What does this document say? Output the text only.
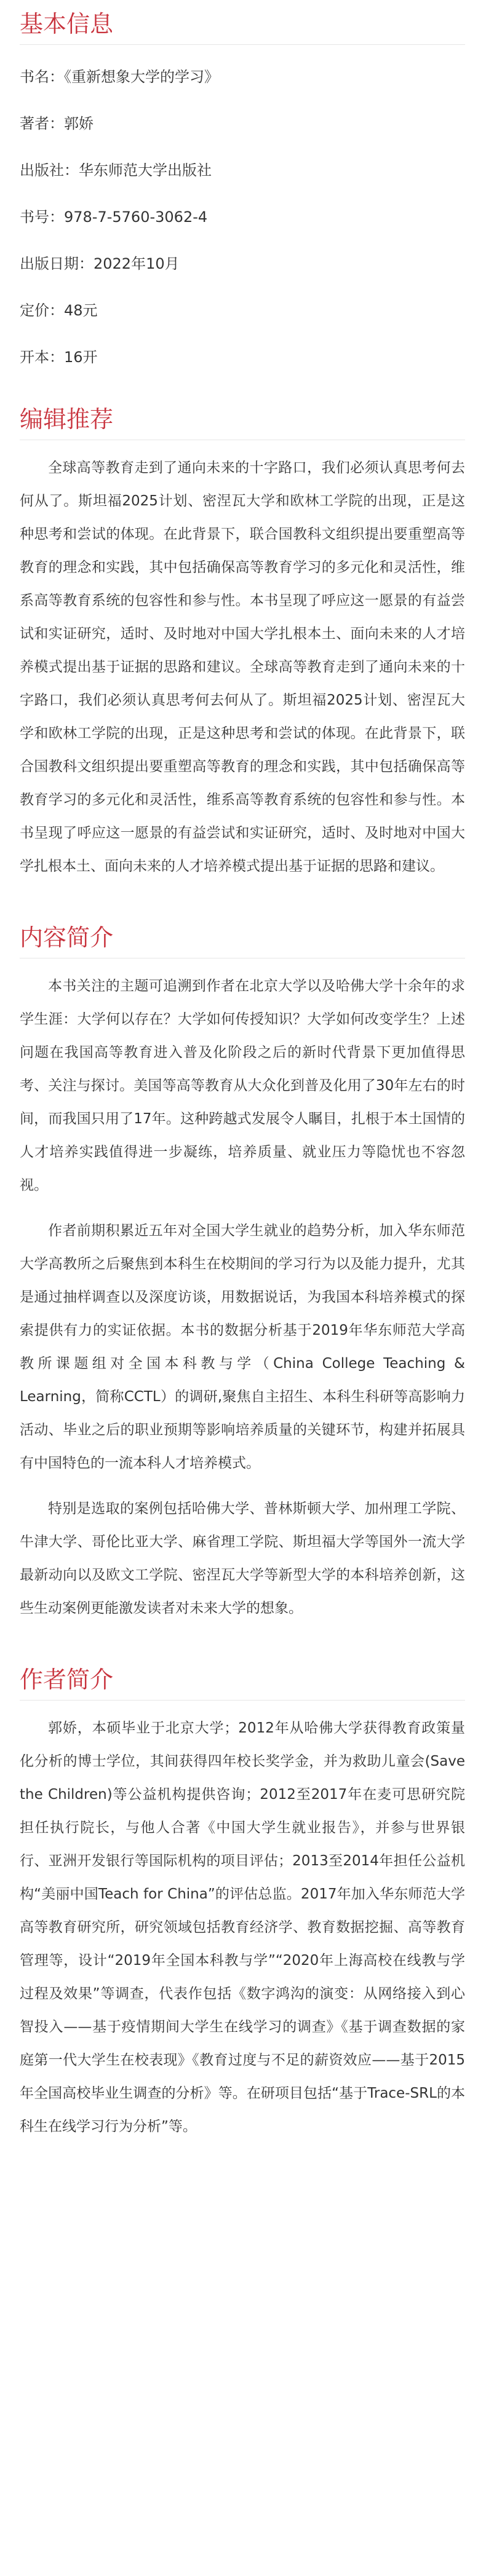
基本信息
书名：《重新想象大学的学习》
著者：郭娇
出版社：华东师范大学出版社
书号：978-7-5760-3062-4
出版日期：2022年10月
定价：48元
开本：16开
编辑推荐

全球高等教育走到了通向未来的十字路口，我们必须认真思考何去何从了。斯坦福2025计划、密涅瓦大学和欧林工学院的出现，正是这种思考和尝试的体现。在此背景下，联合国教科文组织提出要重塑高等教育的理念和实践，其中包括确保高等教育学习的多元化和灵活性，维系高等教育系统的包容性和参与性。本书呈现了呼应这一愿景的有益尝试和实证研究，适时、及时地对中国大学扎根本土、面向未来的人才培养模式提出基于证据的思路和建议。全球高等教育走到了通向未来的十字路口，我们必须认真思考何去何从了。斯坦福2025计划、密涅瓦大学和欧林工学院的出现，正是这种思考和尝试的体现。在此背景下，联合国教科文组织提出要重塑高等教育的理念和实践，其中包括确保高等教育学习的多元化和灵活性，维系高等教育系统的包容性和参与性。本书呈现了呼应这一愿景的有益尝试和实证研究，适时、及时地对中国大学扎根本土、面向未来的人才培养模式提出基于证据的思路和建议。

内容简介

本书关注的主题可追溯到作者在北京大学以及哈佛大学十余年的求学生涯：大学何以存在？大学如何传授知识？大学如何改变学生？上述问题在我国高等教育进入普及化阶段之后的新时代背景下更加值得思考、关注与探讨。美国等高等教育从大众化到普及化用了30年左右的时间，而我国只用了17年。这种跨越式发展令人瞩目，扎根于本土国情的人才培养实践值得进一步凝练，培养质量、就业压力等隐忧也不容忽视。

作者前期积累近五年对全国大学生就业的趋势分析，加入华东师范大学高教所之后聚焦到本科生在校期间的学习行为以及能力提升，尤其是通过抽样调查以及深度访谈，用数据说话，为我国本科培养模式的探索提供有力的实证依据。本书的数据分析基于2019年华东师范大学高教所课题组对全国本科教与学（China College Teaching & Learning，简称CCTL）的调研,聚焦自主招生、本科生科研等高影响力活动、毕业之后的职业预期等影响培养质量的关键环节，构建并拓展具有中国特色的一流本科人才培养模式。

特别是选取的案例包括哈佛大学、普林斯顿大学、加州理工学院、牛津大学、哥伦比亚大学、麻省理工学院、斯坦福大学等国外一流大学最新动向以及欧文工学院、密涅瓦大学等新型大学的本科培养创新，这些生动案例更能激发读者对未来大学的想象。

作者简介

郭娇，本硕毕业于北京大学；2012年从哈佛大学获得教育政策量化分析的博士学位，其间获得四年校长奖学金，并为救助儿童会(Save the Children)等公益机构提供咨询；2012至2017年在麦可思研究院担任执行院长，与他人合著《中国大学生就业报告》，并参与世界银行、亚洲开发银行等国际机构的项目评估；2013至2014年担任公益机构“美丽中国Teach for China”的评估总监。2017年加入华东师范大学高等教育研究所，研究领域包括教育经济学、教育数据挖掘、高等教育管理等，设计“2019年全国本科教与学”“2020年上海高校在线教与学过程及效果”等调查，代表作包括《数字鸿沟的演变：从网络接入到心智投入——基于疫情期间大学生在线学习的调查》《基于调查数据的家庭第一代大学生在校表现》《教育过度与不足的薪资效应——基于2015年全国高校毕业生调查的分析》等。在研项目包括“基于Trace-SRL的本科生在线学习行为分析”等。
